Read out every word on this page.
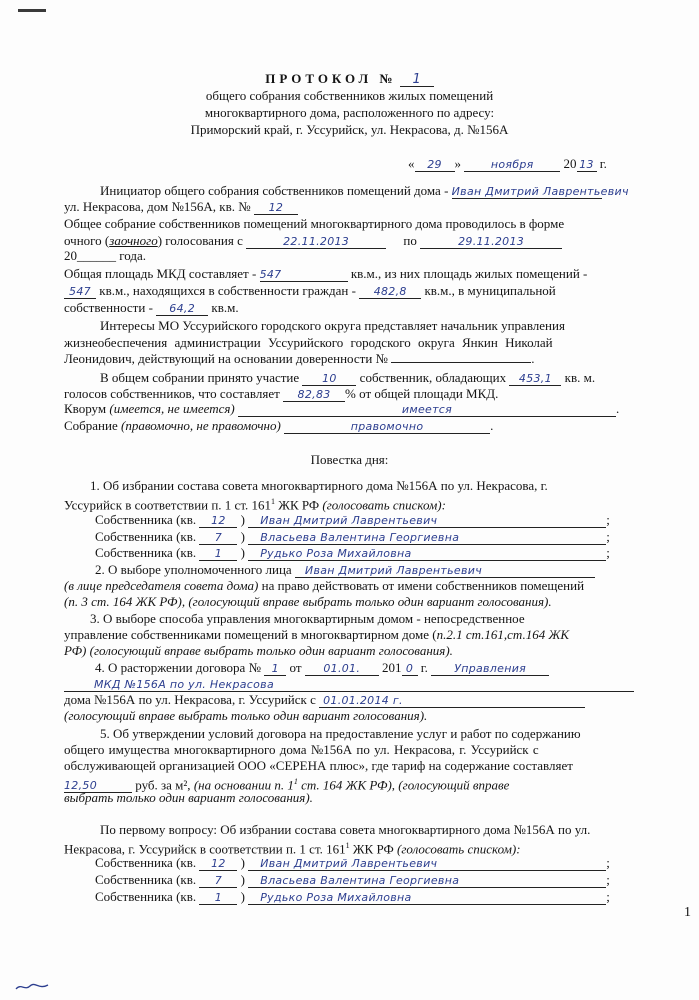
ПРОТОКОЛ № 1
общего собрания собственников жилых помещений
многоквартирного дома, расположенного по адресу:
Приморский край, г. Уссурийск, ул. Некрасова, д. №156А
« 29 »	ноября 20 13 г.
Инициатор общего собрания собственников помещений дома - Иван Дмитрий Лаврентьевич
ул. Некрасова, дом №156А, кв. № 12
Общее собрание собственников помещений многоквартирного дома проводилось в форме
очного (заочного) голосования с	22.11.2013	по	29.11.2013
20______ года.
Общая площадь МКД составляет - 547	кв.м., из них площадь жилых помещений -
547 кв.м., находящихся в собственности граждан - 482,8 кв.м., в муниципальной
собственности - 64,2 кв.м.
Интересы МО Уссурийского городского округа представляет начальник управления
жизнеобеспечения администрации Уссурийского городского округа Янкин Николай
Леонидович, действующий на основании доверенности №	.
В общем собрании принято участие 10 собственник, обладающих 453,1 кв. м.
голосов собственников, что составляет 82,83 % от общей площади МКД.
Кворум (имеется, не имеется)	имеется	.
Собрание (правомочно, не правомочно)	правомочно	.
Повестка дня:
1. Об избрании состава совета многоквартирного дома №156А по ул. Некрасова, г.
Уссурийск в соответствии п. 1 ст. $161^1$ ЖК РФ (голосовать списком):
Собственника (кв. 12 ) Иван Дмитрий Лаврентьевич	;
Собственника (кв. 7 ) Власьева Валентина Георгиевна	;
Собственника (кв. 1 ) Рудько Роза Михайловна	;
2. О выборе уполномоченного лица Иван Дмитрий Лаврентьевич
(в лице председателя совета дома) на право действовать от имени собственников помещений
(п. 3 ст. 164 ЖК РФ), (голосующий вправе выбрать только один вариант голосования).
3. О выборе способа управления многоквартирным домом - непосредственное
управление собственниками помещений в многоквартирном доме (п.2.1 ст.161,ст.164 ЖК
РФ) (голосующий вправе выбрать только один вариант голосования).
4. О расторжении договора № 1 от 01.01. 201 0 г. Управления
МКД №156А по ул. Некрасова
дома №156А по ул. Некрасова, г. Уссурийск с 01.01.2014 г.
(голосующий вправе выбрать только один вариант голосования).
5. Об утверждении условий договора на предоставление услуг и работ по содержанию
общего имущества многоквартирного дома №156А по ул. Некрасова, г. Уссурийск с
обслуживающей организацией ООО «СЕРЕНА плюс», где тариф на содержание составляет
12,50	руб. за м², (на основании п. $1^1$ ст. 164 ЖК РФ), (голосующий вправе
выбрать только один вариант голосования).
По первому вопросу: Об избрании состава совета многоквартирного дома №156А по ул.
Некрасова, г. Уссурийск в соответствии п. 1 ст. $161^1$ ЖК РФ (голосовать списком):
Собственника (кв. 12 ) Иван Дмитрий Лаврентьевич	;
Собственника (кв. 7 ) Власьева Валентина Георгиевна	;
Собственника (кв. 1 ) Рудько Роза Михайловна	;
1
